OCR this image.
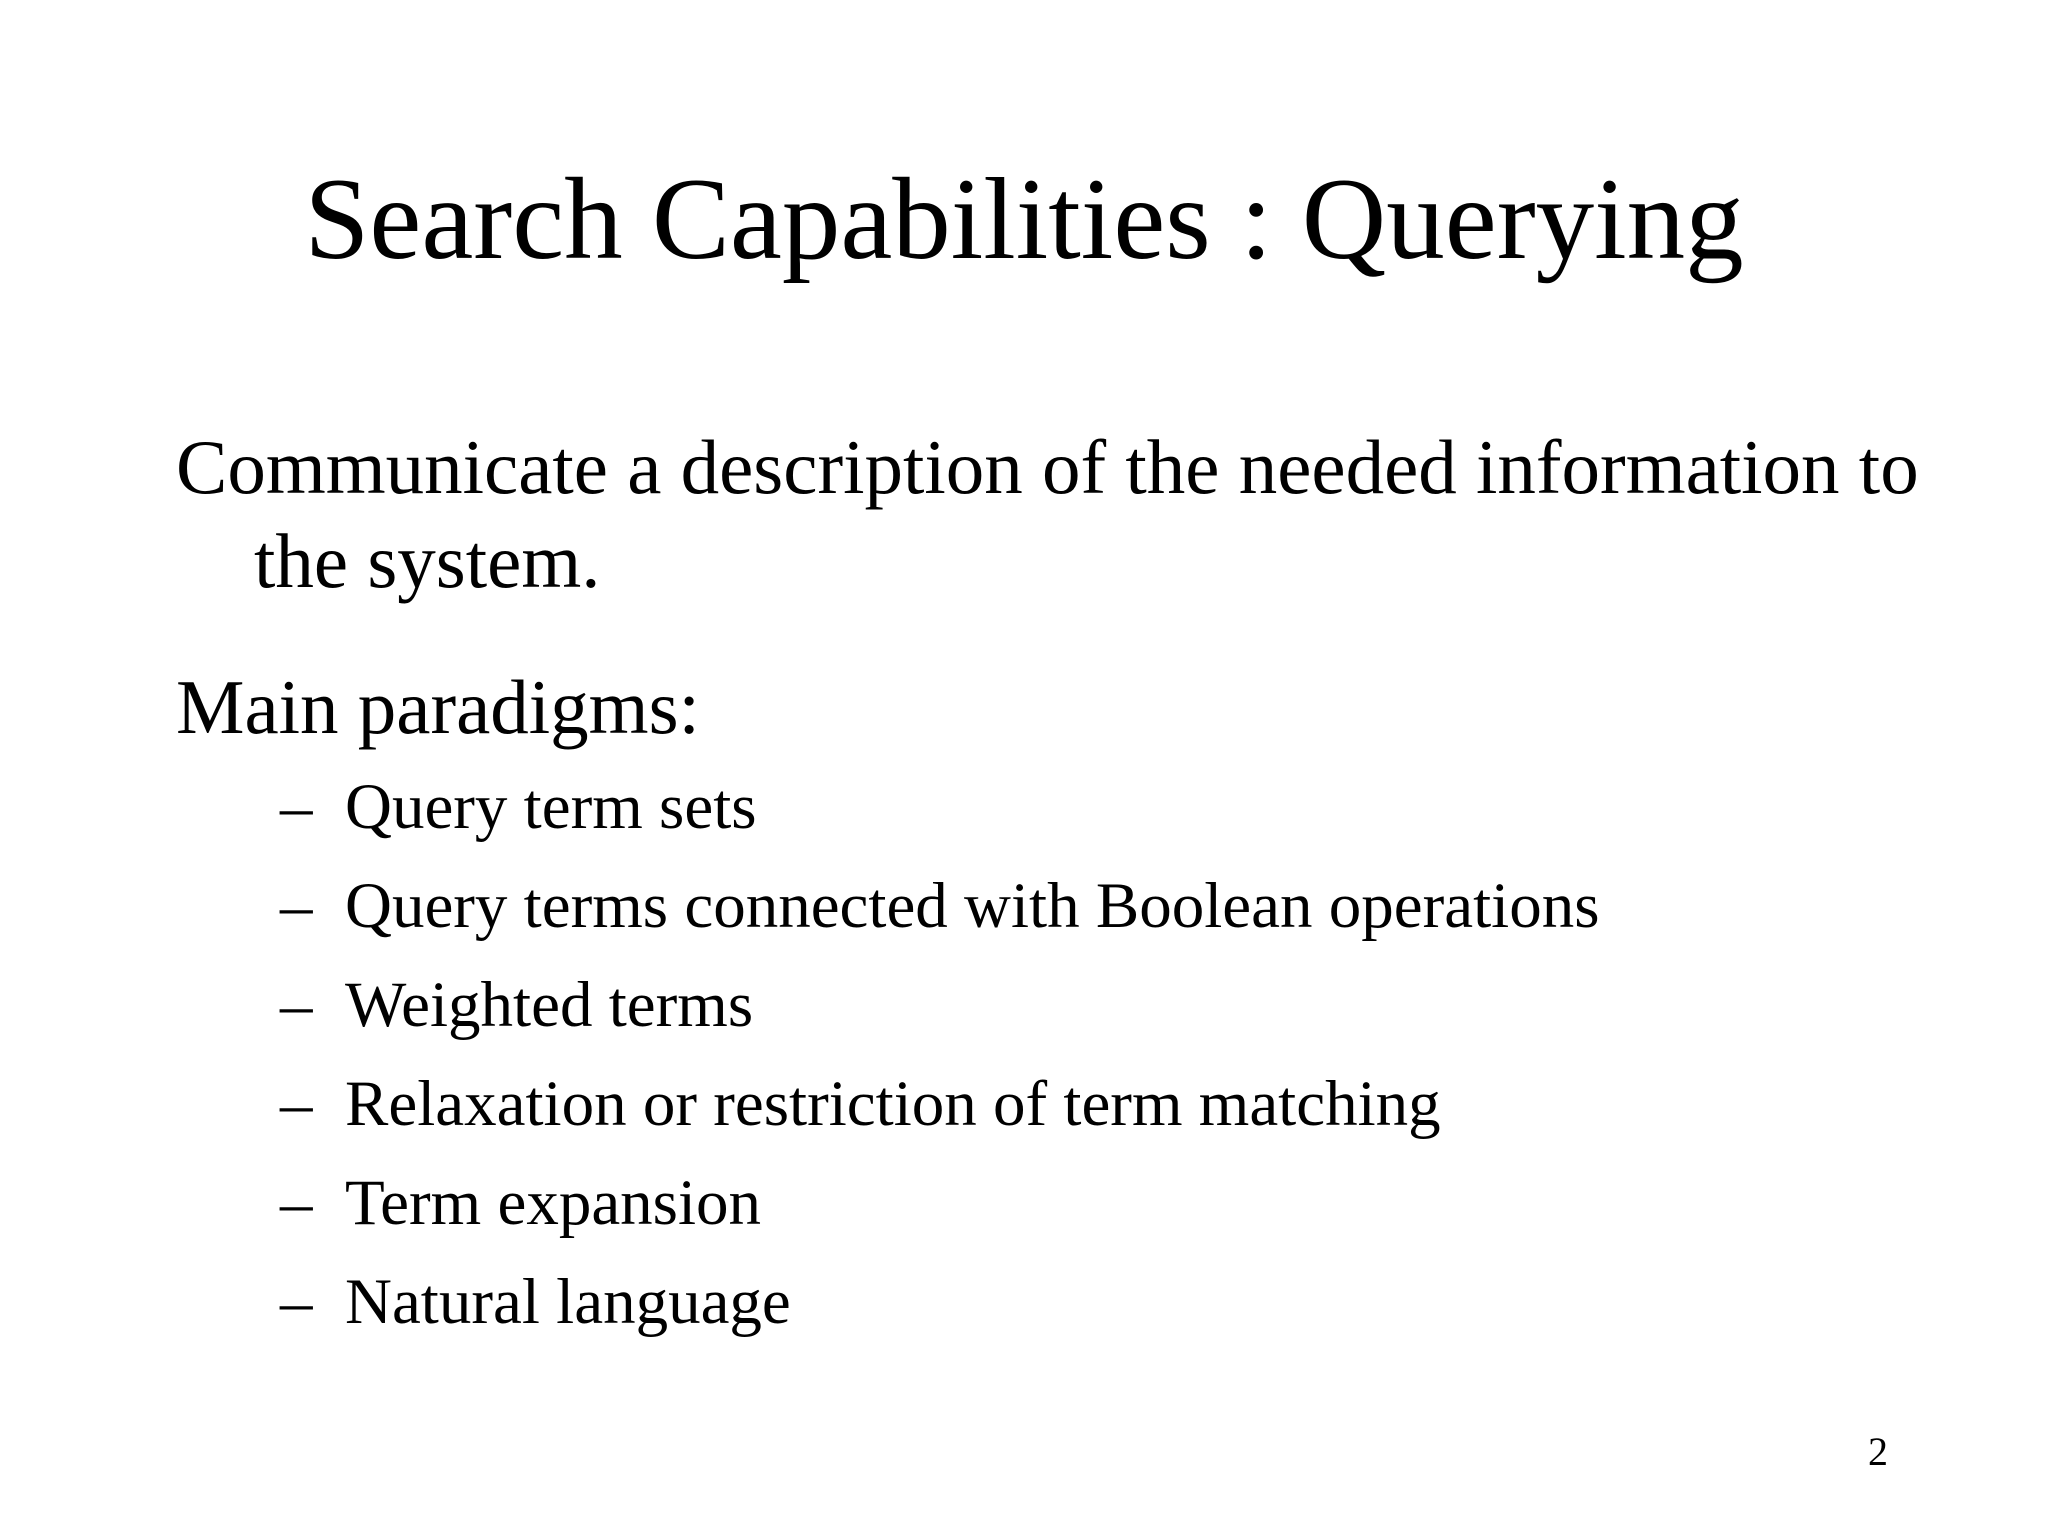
Search Capabilities : Querying

Communicate a description of the needed information to the system.

Main paradigms:

– Query term sets
– Query terms connected with Boolean operations
– Weighted terms
– Relaxation or restriction of term matching
– Term expansion
– Natural language
2
